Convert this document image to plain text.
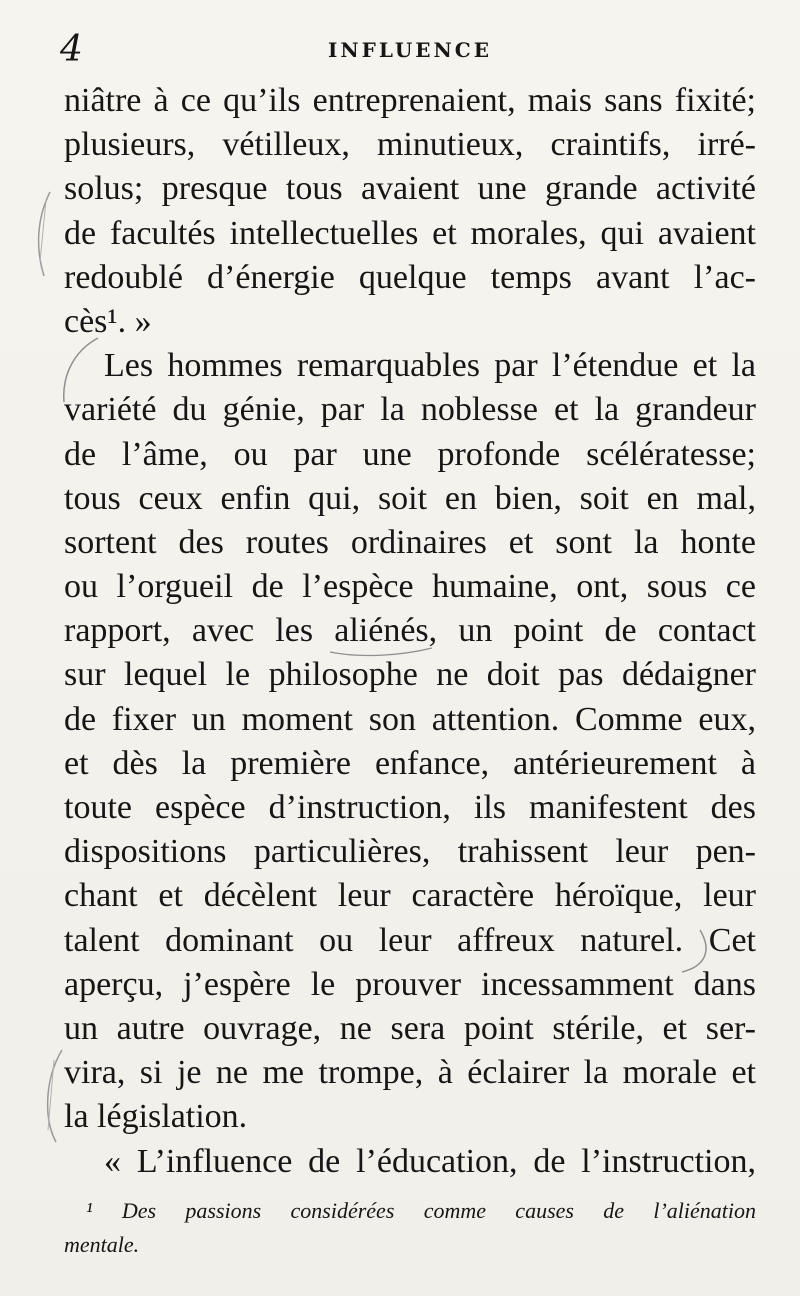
4	INFLUENCE
niâtre à ce qu’ils entreprenaient, mais sans fixité;
plusieurs, vétilleux, minutieux, craintifs, irré-
solus; presque tous avaient une grande activité
de facultés intellectuelles et morales, qui avaient
redoublé d’énergie quelque temps avant l’ac-
cès¹. »
Les hommes remarquables par l’étendue et la
variété du génie, par la noblesse et la grandeur
de l’âme, ou par une profonde scélératesse;
tous ceux enfin qui, soit en bien, soit en mal,
sortent des routes ordinaires et sont la honte
ou l’orgueil de l’espèce humaine, ont, sous ce
rapport, avec les aliénés, un point de contact
sur lequel le philosophe ne doit pas dédaigner
de fixer un moment son attention. Comme eux,
et dès la première enfance, antérieurement à
toute espèce d’instruction, ils manifestent des
dispositions particulières, trahissent leur pen-
chant et décèlent leur caractère héroïque, leur
talent dominant ou leur affreux naturel. Cet
aperçu, j’espère le prouver incessamment dans
un autre ouvrage, ne sera point stérile, et ser-
vira, si je ne me trompe, à éclairer la morale et
la législation.
« L’influence de l’éducation, de l’instruction,
¹ Des passions considérées comme causes de l’aliénation
mentale.
